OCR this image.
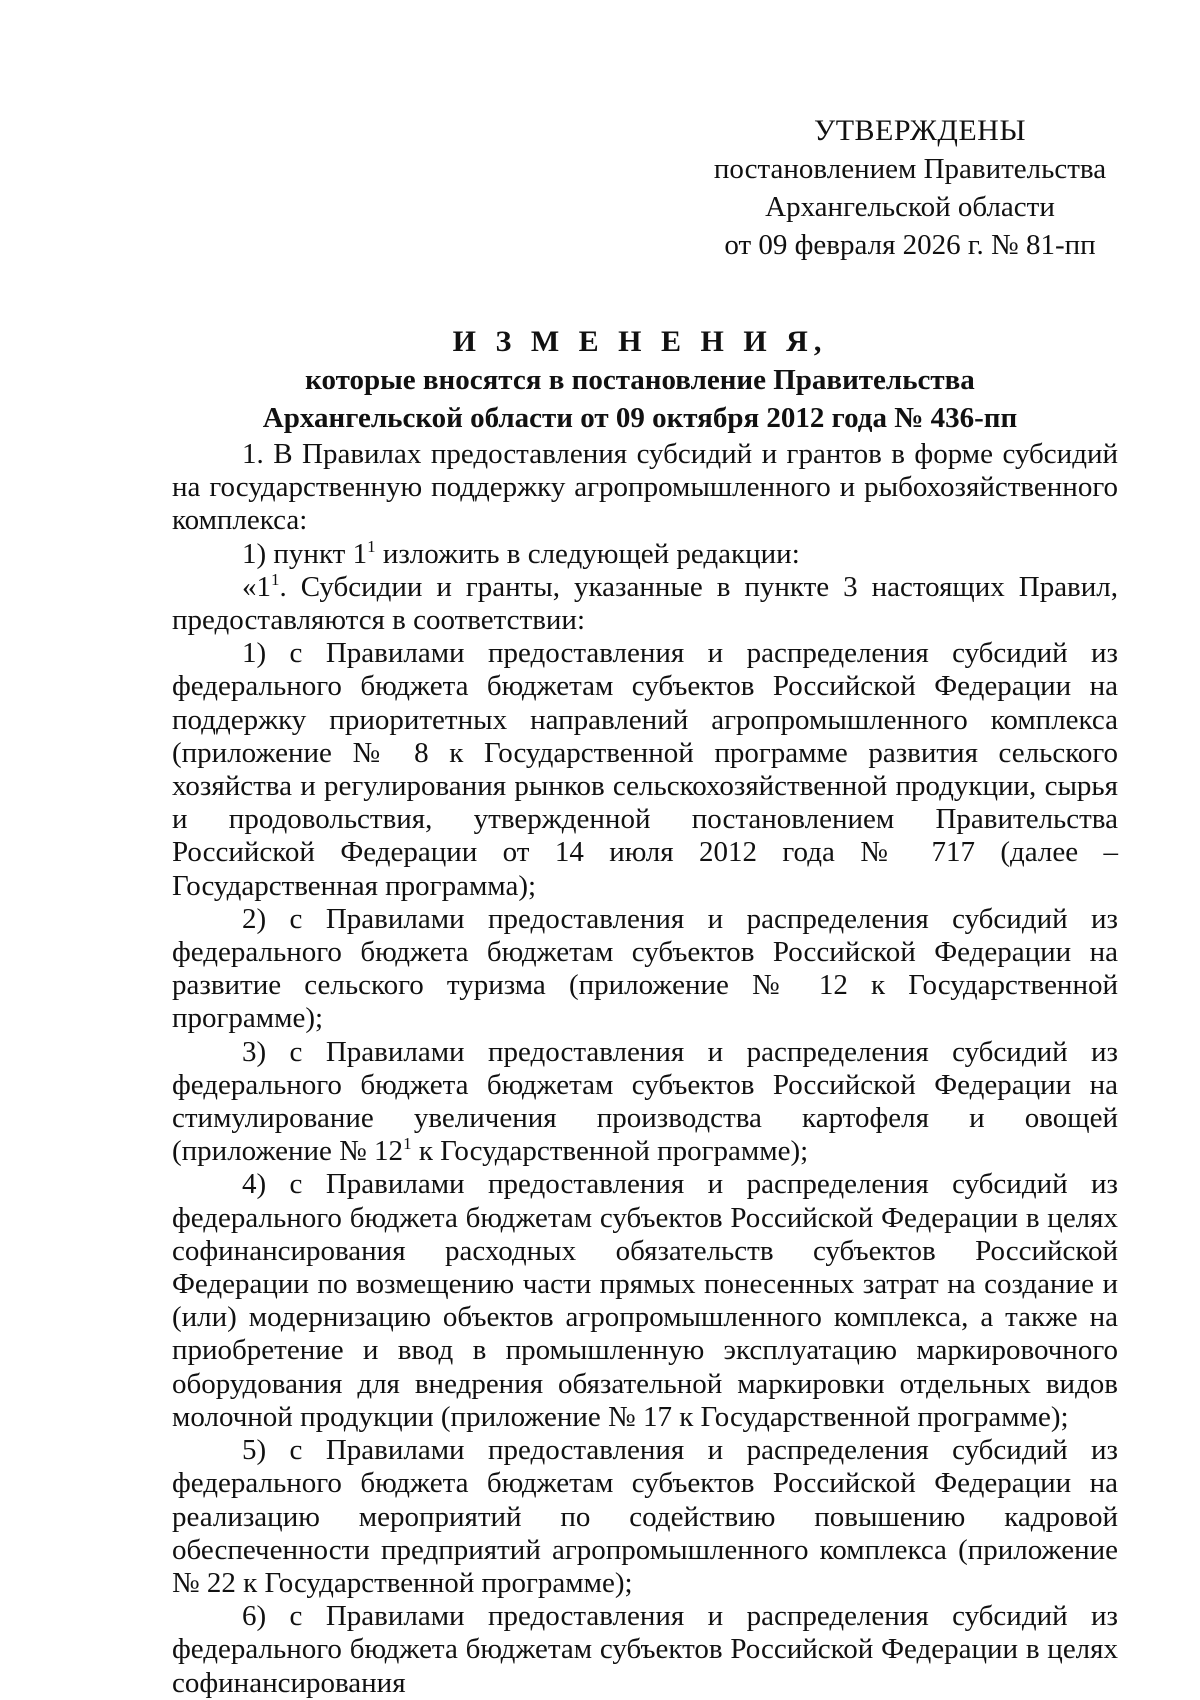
УТВЕРЖДЕНЫ
постановлением Правительства
Архангельской области
от 09 февраля 2026 г. № 81-пп
И З М Е Н Е Н И Я,
которые вносятся в постановление Правительства
Архангельской области от 09 октября 2012 года № 436-пп

1. В Правилах предоставления субсидий и грантов в форме субсидий на государственную поддержку агропромышленного и рыбохозяйственного комплекса:

1) пункт $1^1$ изложить в следующей редакции:

«$1^1$. Субсидии и гранты, указанные в пункте 3 настоящих Правил, предоставляются в соответствии:

1) с Правилами предоставления и распределения субсидий из федерального бюджета бюджетам субъектов Российской Федерации на поддержку приоритетных направлений агропромышленного комплекса (приложение № 8 к Государственной программе развития сельского хозяйства и регулирования рынков сельскохозяйственной продукции, сырья и продовольствия, утвержденной постановлением Правительства Российской Федерации от 14 июля 2012 года № 717 (далее – Государственная программа);

2) с Правилами предоставления и распределения субсидий из федерального бюджета бюджетам субъектов Российской Федерации на развитие сельского туризма (приложение № 12 к Государственной программе);

3) с Правилами предоставления и распределения субсидий из федерального бюджета бюджетам субъектов Российской Федерации на стимулирование увеличения производства картофеля и овощей (приложение № $12^1$ к Государственной программе);

4) с Правилами предоставления и распределения субсидий из федерального бюджета бюджетам субъектов Российской Федерации в целях софинансирования расходных обязательств субъектов Российской Федерации по возмещению части прямых понесенных затрат на создание и (или) модернизацию объектов агропромышленного комплекса, а также на приобретение и ввод в промышленную эксплуатацию маркировочного оборудования для внедрения обязательной маркировки отдельных видов молочной продукции (приложение № 17 к Государственной программе);

5) с Правилами предоставления и распределения субсидий из федерального бюджета бюджетам субъектов Российской Федерации на реализацию мероприятий по содействию повышению кадровой обеспеченности предприятий агропромышленного комплекса (приложение № 22 к Государственной программе);

6) с Правилами предоставления и распределения субсидий из федерального бюджета бюджетам субъектов Российской Федерации в целях софинансирования
